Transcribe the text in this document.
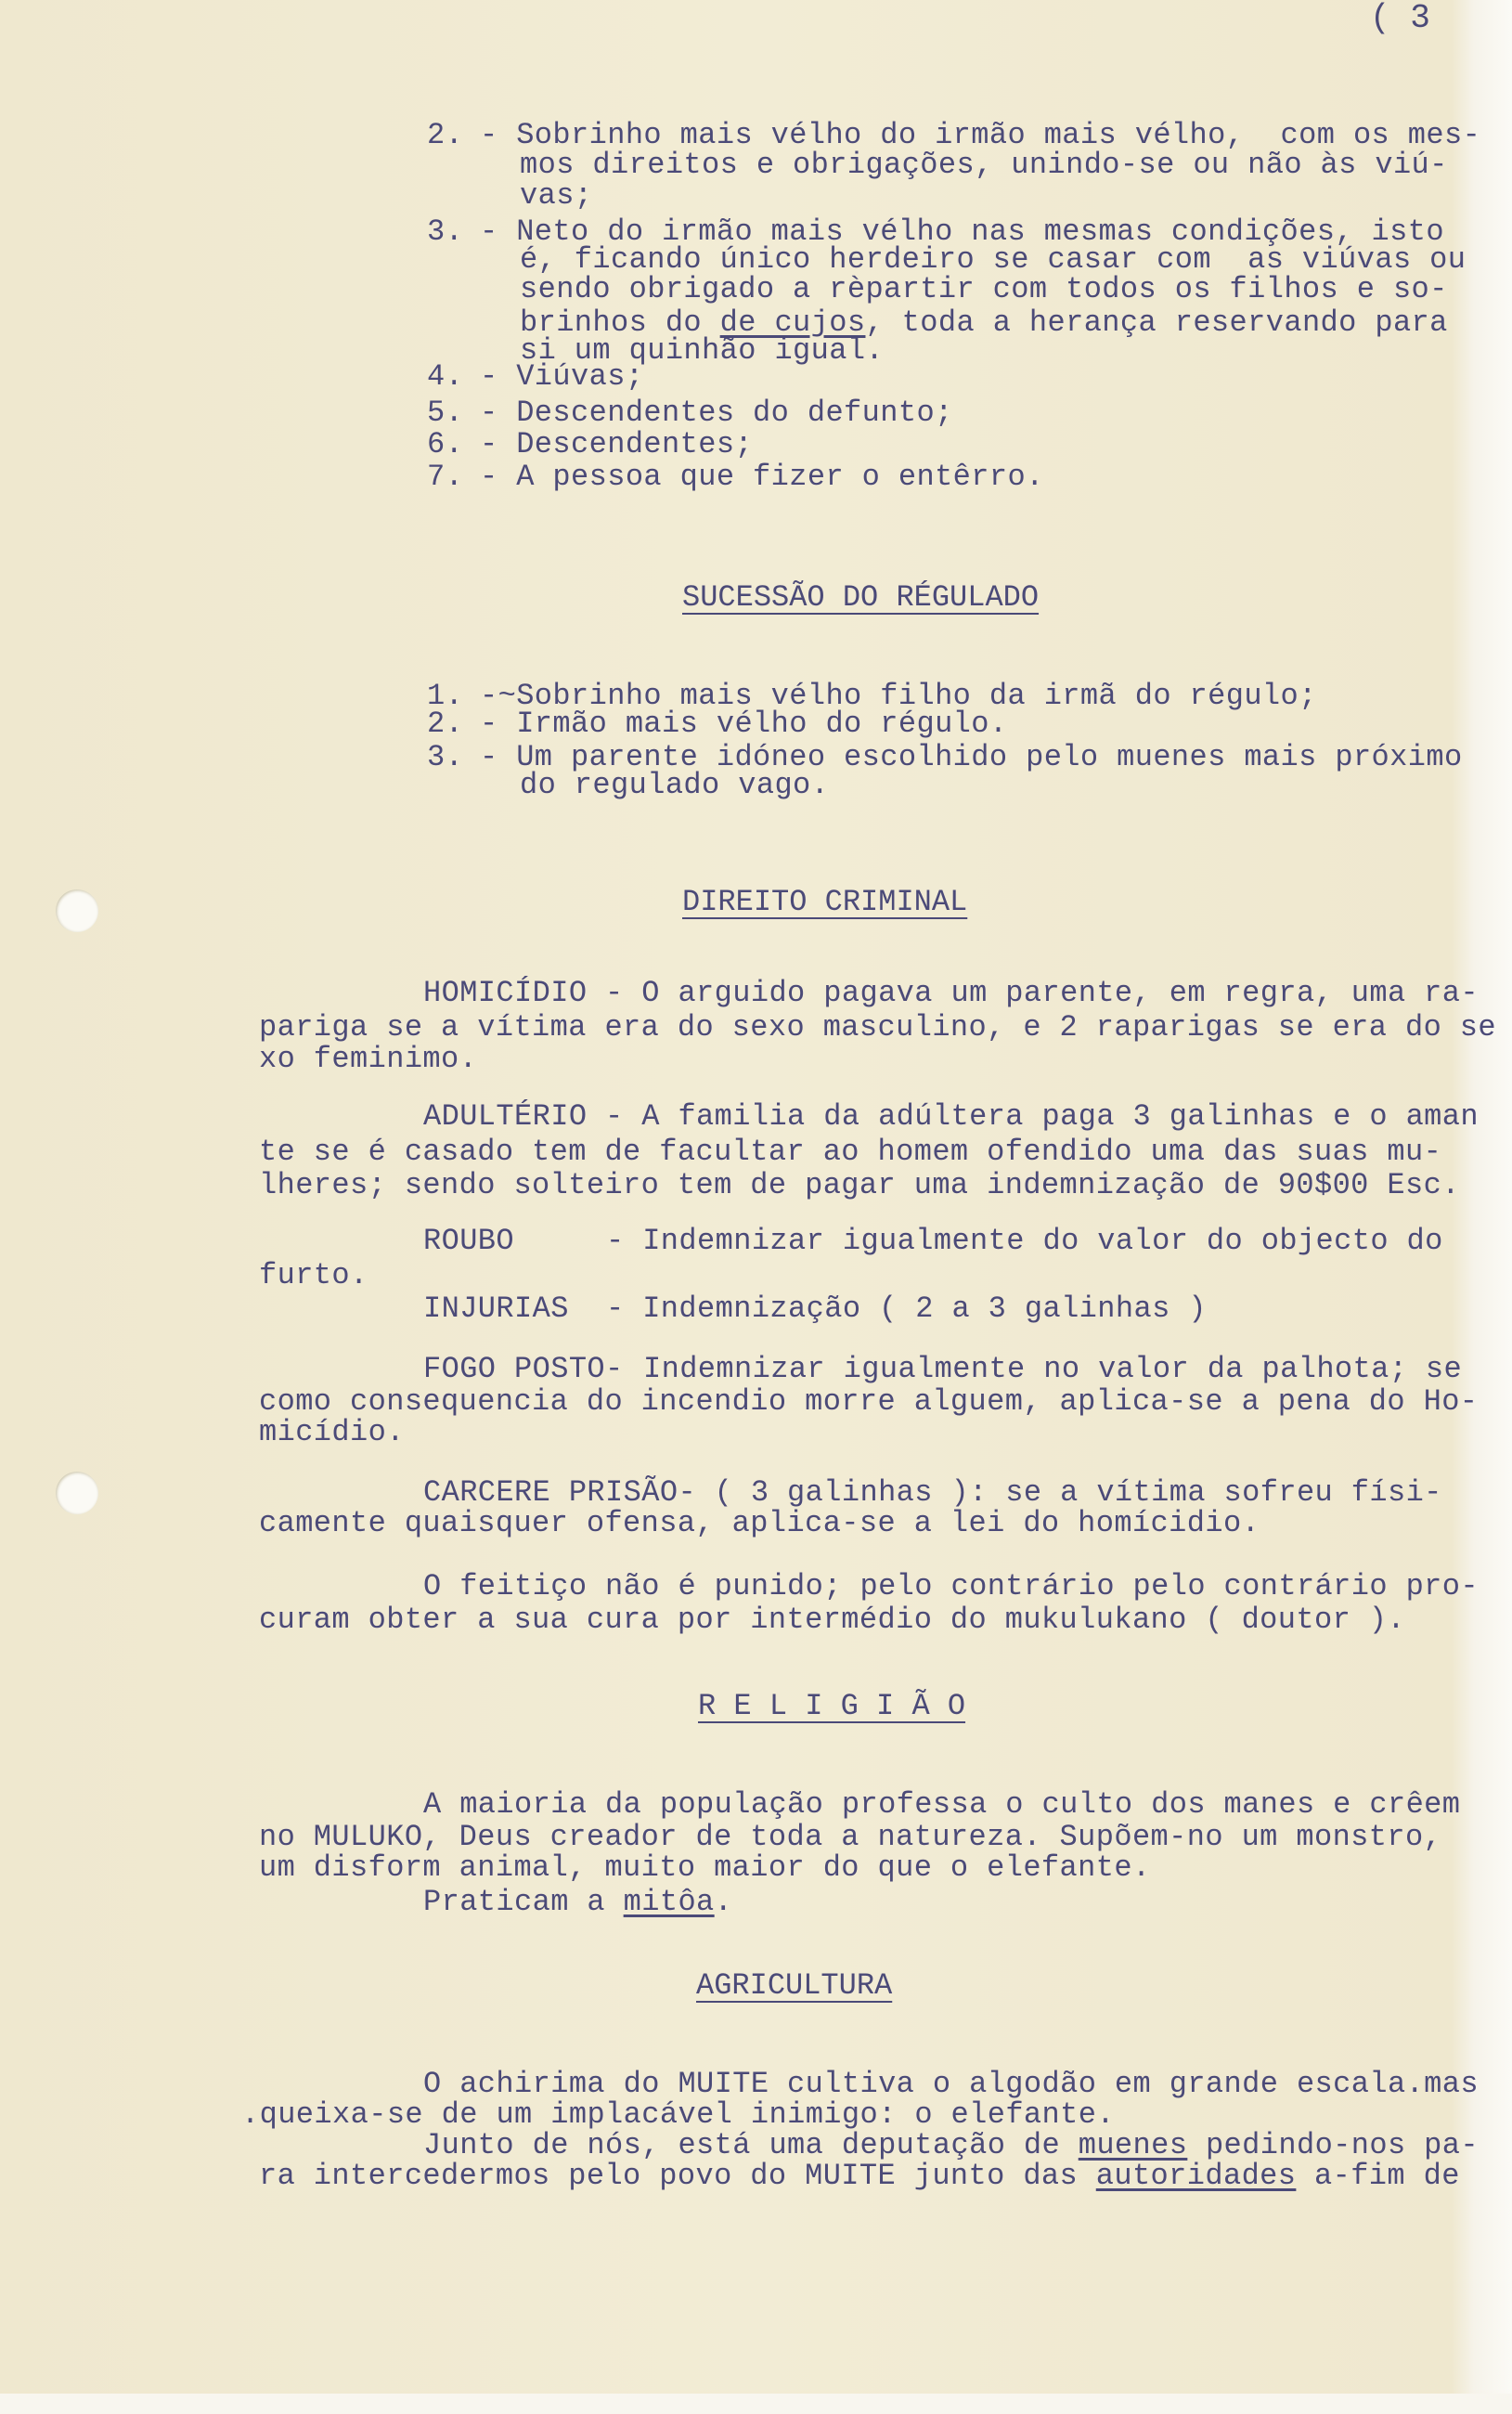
( 3
2. - Sobrinho mais vélho do irmão mais vélho,  com os mes-
mos direitos e obrigações, unindo-se ou não às viú-
vas;
3. - Neto do irmão mais vélho nas mesmas condições, isto
é, ficando único herdeiro se casar com  as viúvas ou
sendo obrigado a rèpartir com todos os filhos e so-
brinhos do de cujos, toda a herança reservando para
si um quinhão igual.
4. - Viúvas;
5. - Descendentes do defunto;
6. - Descendentes;
7. - A pessoa que fizer o entêrro.
SUCESSÃO DO RÉGULADO
1. -~Sobrinho mais vélho filho da irmã do régulo;
2. - Irmão mais vélho do régulo.
3. - Um parente idóneo escolhido pelo muenes mais próximo
do regulado vago.
DIREITO CRIMINAL
HOMICÍDIO - O arguido pagava um parente, em regra, uma ra-
pariga se a vítima era do sexo masculino, e 2 raparigas se era do se
xo feminimo.
ADULTÉRIO - A familia da adúltera paga 3 galinhas e o aman
te se é casado tem de facultar ao homem ofendido uma das suas mu-
lheres; sendo solteiro tem de pagar uma indemnização de 90$00 Esc.
ROUBO	- Indemnizar igualmente do valor do objecto do
furto.
INJURIAS - Indemnização ( 2 a 3 galinhas )
FOGO POSTO- Indemnizar igualmente no valor da palhota; se
como consequencia do incendio morre alguem, aplica-se a pena do Ho-
micídio.
CARCERE PRISÃO- ( 3 galinhas ): se a vítima sofreu físi-
camente quaisquer ofensa, aplica-se a lei do homícidio.
O feitiço não é punido; pelo contrário pelo contrário pro-
curam obter a sua cura por intermédio do mukulukano ( doutor ).
R E L I G I Ã O
A maioria da população professa o culto dos manes e crêem
no MULUKO, Deus creador de toda a natureza. Supõem-no um monstro,
um disform animal, muito maior do que o elefante.
Praticam a mitôa.
AGRICULTURA
O achirima do MUITE cultiva o algodão em grande escala.mas
.queixa-se de um implacável inimigo: o elefante.
Junto de nós, está uma deputação de muenes pedindo-nos pa-
ra intercedermos pelo povo do MUITE junto das autoridades a-fim de
